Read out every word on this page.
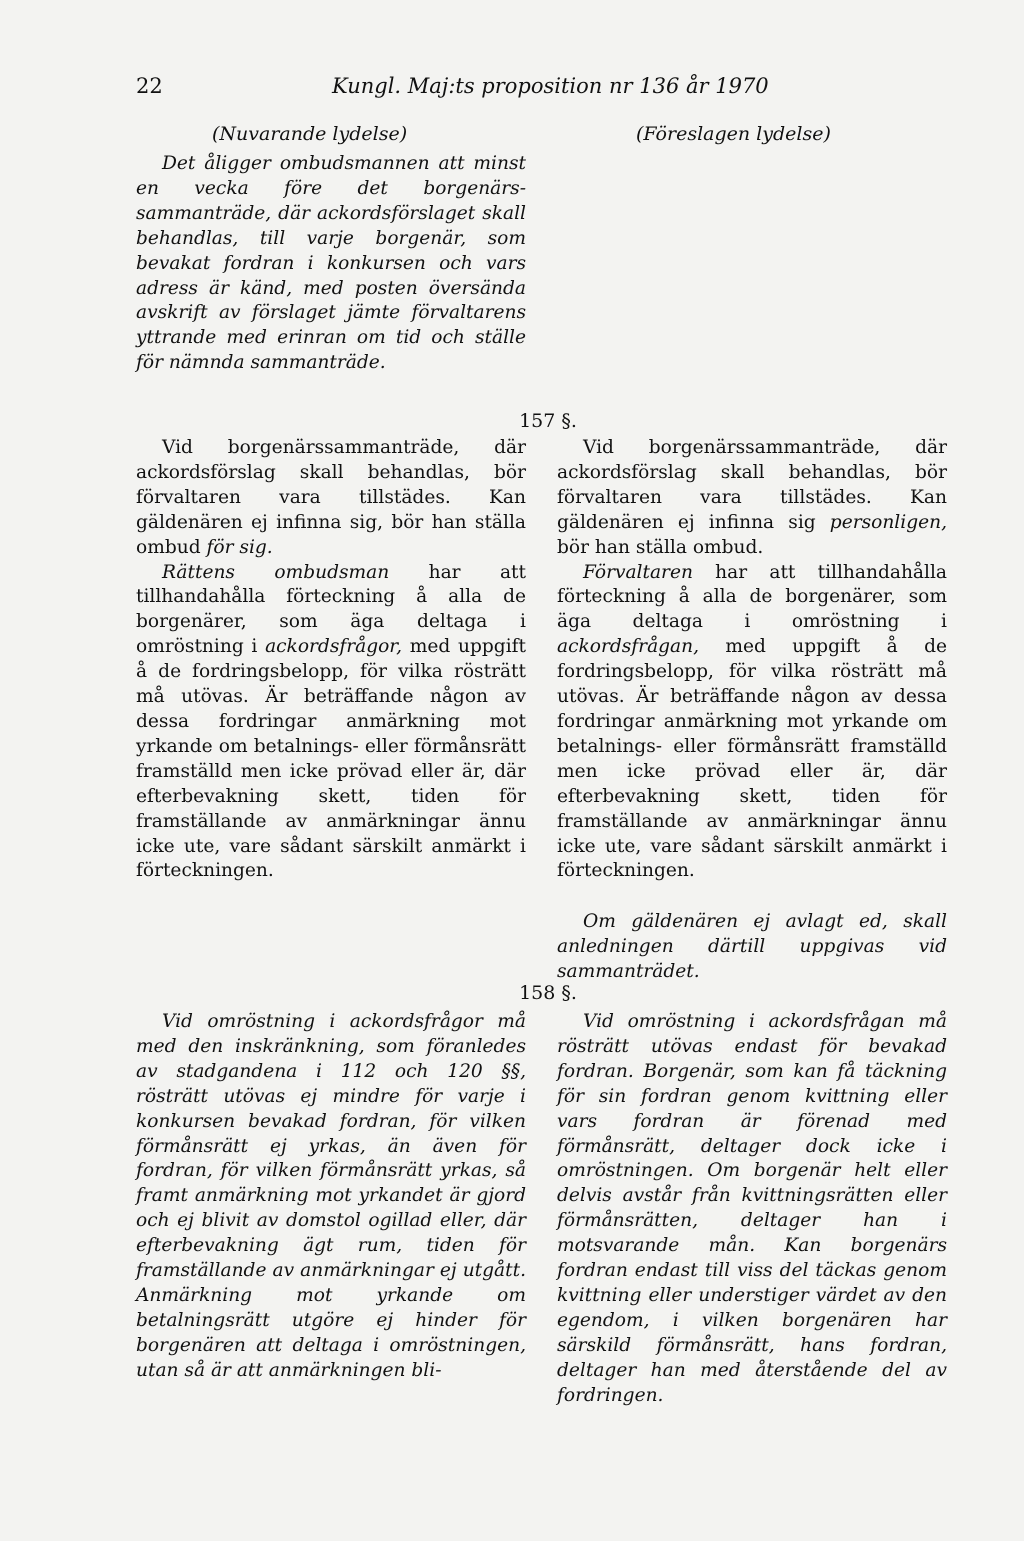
22	Kungl. Maj:ts proposition nr 136 år 1970
(Nuvarande lydelse)	(Föreslagen lydelse)

Det åligger ombudsmannen att minst en vecka före det borgenärs-sammanträde, där ackordsförslaget skall behandlas, till varje borgenär, som bevakat fordran i konkursen och vars adress är känd, med posten översända avskrift av förslaget jämte förvaltarens yttrande med erinran om tid och ställe för nämnda sammanträde.

157 §.

Vid borgenärssammanträde, där ackordsförslag skall behandlas, bör förvaltaren vara tillstädes. Kan gäldenären ej infinna sig, bör han ställa ombud för sig.

Rättens ombudsman har att tillhandahålla förteckning å alla de borgenärer, som äga deltaga i omröstning i ackordsfrågor, med uppgift å de fordringsbelopp, för vilka rösträtt må utövas. Är beträffande någon av dessa fordringar anmärkning mot yrkande om betalnings- eller förmånsrätt framställd men icke prövad eller är, där efterbevakning skett, tiden för framställande av anmärkningar ännu icke ute, vare sådant särskilt anmärkt i förteckningen.

Vid borgenärssammanträde, där ackordsförslag skall behandlas, bör förvaltaren vara tillstädes. Kan gäldenären ej infinna sig personligen, bör han ställa ombud.

Förvaltaren har att tillhandahålla förteckning å alla de borgenärer, som äga deltaga i omröstning i ackordsfrågan, med uppgift å de fordringsbelopp, för vilka rösträtt må utövas. Är beträffande någon av dessa fordringar anmärkning mot yrkande om betalnings- eller förmånsrätt framställd men icke prövad eller är, där efterbevakning skett, tiden för framställande av anmärkningar ännu icke ute, vare sådant särskilt anmärkt i förteckningen.

Om gäldenären ej avlagt ed, skall anledningen därtill uppgivas vid sammanträdet.

158 §.

Vid omröstning i ackordsfrågor må med den inskränkning, som föranledes av stadgandena i 112 och 120 §§, rösträtt utövas ej mindre för varje i konkursen bevakad fordran, för vilken förmånsrätt ej yrkas, än även för fordran, för vilken förmånsrätt yrkas, så framt anmärkning mot yrkandet är gjord och ej blivit av domstol ogillad eller, där efterbevakning ägt rum, tiden för framställande av anmärkningar ej utgått. Anmärkning mot yrkande om betalningsrätt utgöre ej hinder för borgenären att deltaga i omröstningen, utan så är att anmärkningen bli-

Vid omröstning i ackordsfrågan må rösträtt utövas endast för bevakad fordran. Borgenär, som kan få täckning för sin fordran genom kvittning eller vars fordran är förenad med förmånsrätt, deltager dock icke i omröstningen. Om borgenär helt eller delvis avstår från kvittningsrätten eller förmånsrätten, deltager han i motsvarande mån. Kan borgenärs fordran endast till viss del täckas genom kvittning eller understiger värdet av den egendom, i vilken borgenären har särskild förmånsrätt, hans fordran, deltager han med återstående del av fordringen.
